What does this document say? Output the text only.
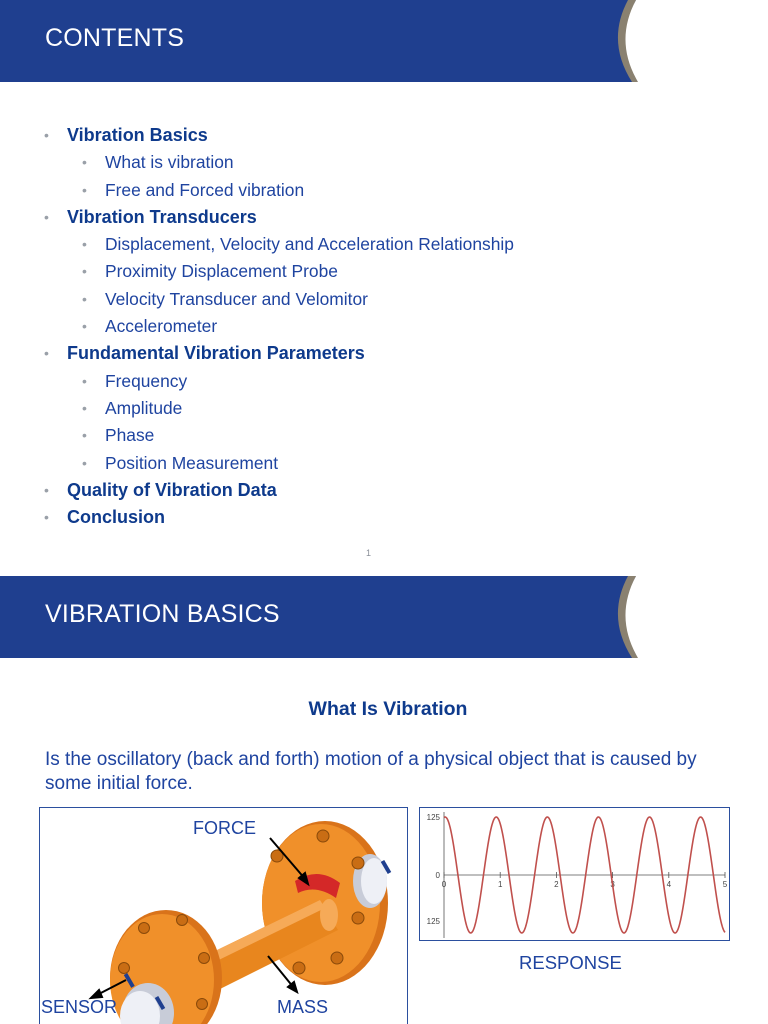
CONTENTS
• Vibration Basics
• What is vibration
• Free and Forced vibration
• Vibration Transducers
• Displacement, Velocity and Acceleration Relationship
• Proximity Displacement Probe
• Velocity Transducer and Velomitor
• Accelerometer
• Fundamental Vibration Parameters
• Frequency
• Amplitude
• Phase
• Position Measurement
• Quality of Vibration Data
• Conclusion
1
VIBRATION BASICS
What Is Vibration
Is the oscillatory (back and forth) motion of a physical object that is caused by some initial force.
FORCE
SENSOR	MASS
0	1	2	3	4	5
125
0
125
RESPONSE
